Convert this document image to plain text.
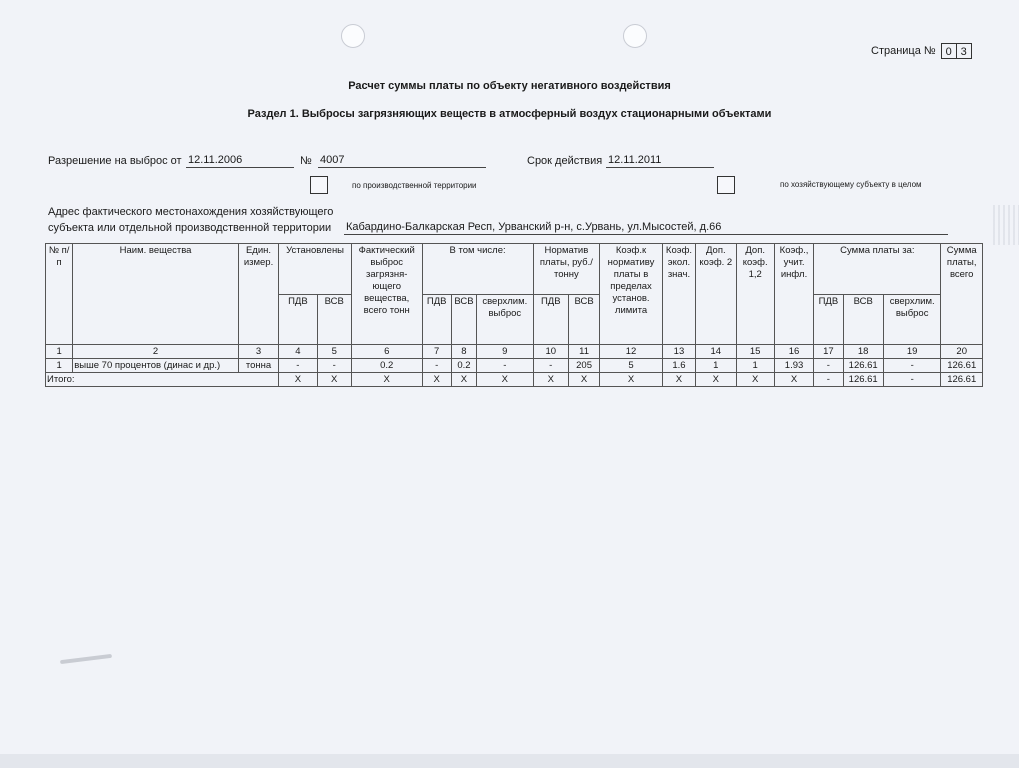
Страница № 0 3
Расчет суммы платы по объекту негативного воздействия
Раздел 1. Выбросы загрязняющих веществ в атмосферный воздух стационарными объектами
Разрешение на выброс от 12.11.2006	№ 4007	Срок действия 12.11.2011
по производственной территории	по хозяйствующему субъекту в целом
Адрес фактического местонахождения хозяйствующего
субъекта или отдельной производственной территории Кабардино-Балкарская Респ, Урванский р-н, с.Урвань, ул.Мысостей, д.66
№ п/п	Наим. вещества	Един. измер.	Установлены		Фактический выброс загрязня-ющего вещества, всего тонн	В том числе:			Норматив платы, руб./тонну		Коэф.к нормативу платы в пределах установ. лимита	Коэф. экол. знач.	Доп. коэф. 2	Доп. коэф. 1,2	Коэф., учит. инфл.	Сумма платы за:			Сумма платы, всего
			ПДВ	ВСВ		ПДВ	ВСВ	сверхлим. выброс	ПДВ	ВСВ						ПДВ	ВСВ	сверхлим. выброс	
1	2	3	4	5	6	7	8	9	10	11	12	13	14	15	16	17	18	19	20
1	выше 70 процентов (динас и др.)	тонна	-	-	0.2	-	0.2	-	-	205	5	1.6	1	1	1.93	-	126.61	-	126.61
Итого:			X	X	X	X	X	X	X	X	X	X	X	X	X	-	126.61	-	126.61
